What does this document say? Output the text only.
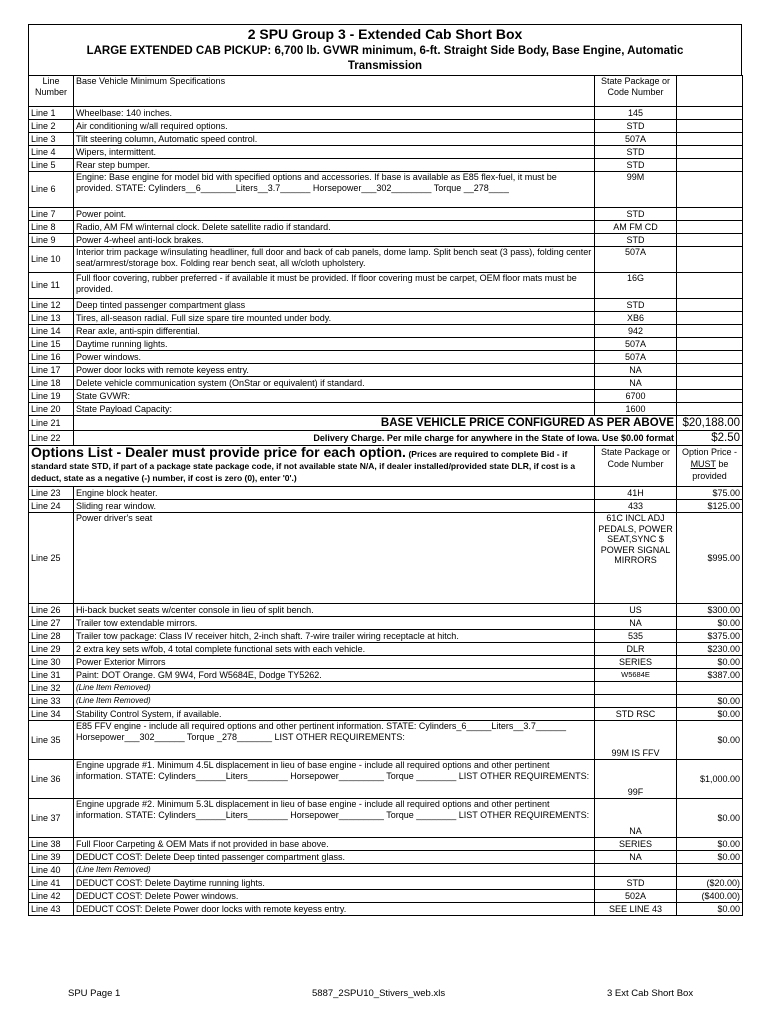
2 SPU Group 3 - Extended Cab Short Box
LARGE EXTENDED CAB PICKUP: 6,700 lb. GVWR minimum, 6-ft. Straight Side Body, Base Engine, Automatic Transmission
Line Number	Base Vehicle Minimum Specifications	State Package or Code Number	
Line 1	Wheelbase: 140 inches.	145	
Line 2	Air conditioning w/all required options.	STD	
Line 3	Tilt steering column, Automatic speed control.	507A	
Line 4	Wipers, intermittent.	STD	
Line 5	Rear step bumper.	STD	
Line 6	Engine: Base engine for model bid with specified options and accessories. If base is available as E85 flex-fuel, it must be provided. STATE: Cylinders__6_______Liters__3.7______ Horsepower___302________ Torque __278____	99M	
Line 7	Power point.	STD	
Line 8	Radio, AM FM w/internal clock. Delete satellite radio if standard.	AM FM CD	
Line 9	Power 4-wheel anti-lock brakes.	STD	
Line 10	Interior trim package w/insulating headliner, full door and back of cab panels, dome lamp. Split bench seat (3 pass), folding center seat/armrest/storage box. Folding rear bench seat, all w/cloth upholstery.	507A	
Line 11	Full floor covering, rubber preferred - if available it must be provided. If floor covering must be carpet, OEM floor mats must be provided.	16G	
Line 12	Deep tinted passenger compartment glass	STD	
Line 13	Tires, all-season radial. Full size spare tire mounted under body.	XB6	
Line 14	Rear axle, anti-spin differential.	942	
Line 15	Daytime running lights.	507A	
Line 16	Power windows.	507A	
Line 17	Power door locks with remote keyess entry.	NA	
Line 18	Delete vehicle communication system (OnStar or equivalent) if standard.	NA	
Line 19	State GVWR:	6700	
Line 20	State Payload Capacity:	1600	
Line 21	BASE VEHICLE PRICE CONFIGURED AS PER ABOVE		$20,188.00
Line 22	Delivery Charge. Per mile charge for anywhere in the State of Iowa. Use $0.00 format		$2.50
Options List - Dealer must provide price for each option. (Prices are required to complete Bid - if standard state STD, if part of a package state package code, if not available state N/A, if dealer installed/provided state DLR, if cost is a deduct, state as a negative (-) number, if cost is zero (0), enter '0'.)		State Package or Code Number	Option Price - MUST be provided
Line 23	Engine block heater.	41H	$75.00
Line 24	Sliding rear window.	433	$125.00
Line 25	Power driver's seat	61C INCL ADJ PEDALS, POWER SEAT,SYNC $ POWER SIGNAL MIRRORS	$995.00
Line 26	Hi-back bucket seats w/center console in lieu of split bench.	US	$300.00
Line 27	Trailer tow extendable mirrors.	NA	$0.00
Line 28	Trailer tow package: Class IV receiver hitch, 2-inch shaft. 7-wire trailer wiring receptacle at hitch.	535	$375.00
Line 29	2 extra key sets w/fob, 4 total complete functional sets with each vehicle.	DLR	$230.00
Line 30	Power Exterior Mirrors	SERIES	$0.00
Line 31	Paint: DOT Orange. GM 9W4, Ford W5684E, Dodge TY5262.	W5684E	$387.00
Line 32	(Line Item Removed)		
Line 33	(Line Item Removed)		$0.00
Line 34	Stability Control System, if available.	STD RSC	$0.00
Line 35	E85 FFV engine - include all required options and other pertinent information. STATE: Cylinders_6_____Liters__3.7______ Horsepower___302______ Torque _278_______ LIST OTHER REQUIREMENTS:	99M IS FFV	$0.00
Line 36	Engine upgrade #1. Minimum 4.5L displacement in lieu of base engine - include all required options and other pertinent information. STATE: Cylinders______Liters________ Horsepower_________ Torque ________ LIST OTHER REQUIREMENTS:	99F	$1,000.00
Line 37	Engine upgrade #2. Minimum 5.3L displacement in lieu of base engine - include all required options and other pertinent information. STATE: Cylinders______Liters________ Horsepower_________ Torque ________ LIST OTHER REQUIREMENTS:	NA	$0.00
Line 38	Full Floor Carpeting & OEM Mats if not provided in base above.	SERIES	$0.00
Line 39	DEDUCT COST: Delete Deep tinted passenger compartment glass.	NA	$0.00
Line 40	(Line Item Removed)		
Line 41	DEDUCT COST: Delete Daytime running lights.	STD	($20.00)
Line 42	DEDUCT COST: Delete Power windows.	502A	($400.00)
Line 43	DEDUCT COST: Delete Power door locks with remote keyess entry.	SEE LINE 43	$0.00
SPU Page 1	5887_2SPU10_Stivers_web.xls	3 Ext Cab Short Box
